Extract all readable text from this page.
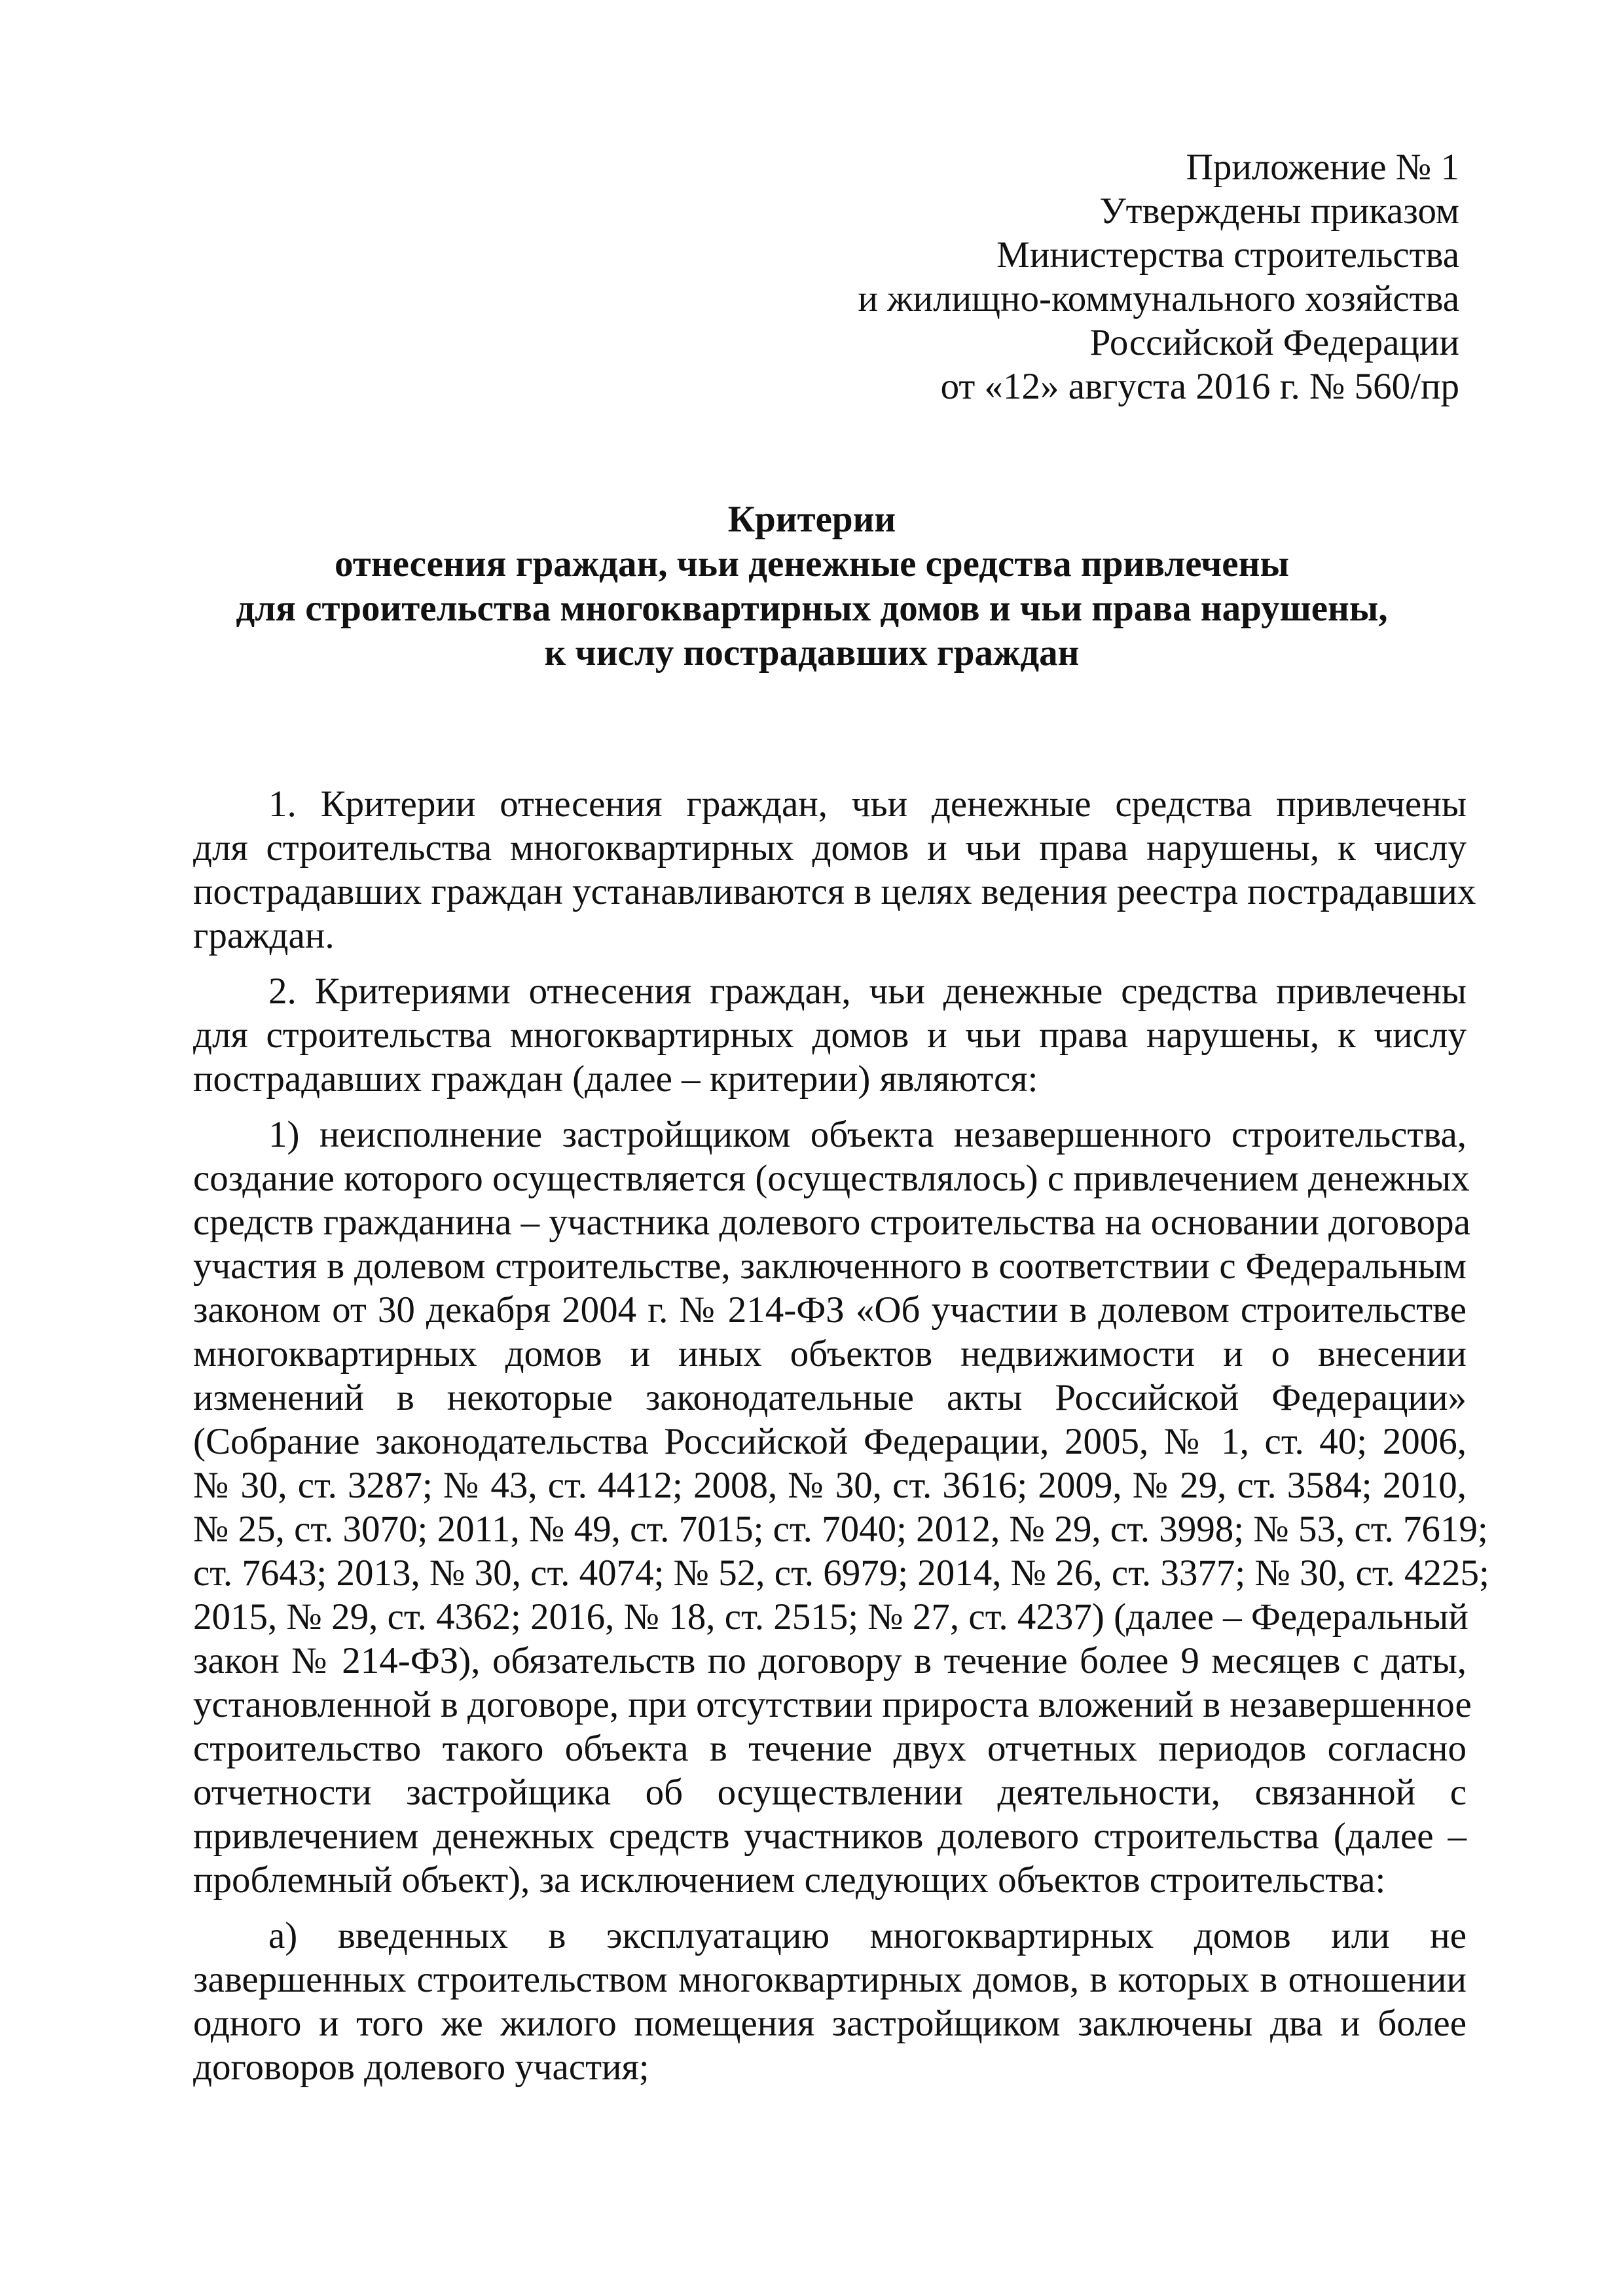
Приложение № 1
Утверждены приказом
Министерства строительства
и жилищно-коммунального хозяйства
Российской Федерации
от «12» августа 2016 г. № 560/пр
Критерии
отнесения граждан, чьи денежные средства привлечены
для строительства многоквартирных домов и чьи права нарушены,
к числу пострадавших граждан
1. Критерии отнесения граждан, чьи денежные средства привлечены
для строительства многоквартирных домов и чьи права нарушены, к числу
пострадавших граждан устанавливаются в целях ведения реестра пострадавших
граждан.
2. Критериями отнесения граждан, чьи денежные средства привлечены
для строительства многоквартирных домов и чьи права нарушены, к числу
пострадавших граждан (далее – критерии) являются:
1) неисполнение застройщиком объекта незавершенного строительства,
создание которого осуществляется (осуществлялось) с привлечением денежных
средств гражданина – участника долевого строительства на основании договора
участия в долевом строительстве, заключенного в соответствии с Федеральным
законом от 30 декабря 2004 г. № 214-ФЗ «Об участии в долевом строительстве
многоквартирных домов и иных объектов недвижимости и о внесении
изменений в некоторые законодательные акты Российской Федерации»
(Собрание законодательства Российской Федерации, 2005, № 1, ст. 40; 2006,
№ 30, ст. 3287; № 43, ст. 4412; 2008, № 30, ст. 3616; 2009, № 29, ст. 3584; 2010,
№ 25, ст. 3070; 2011, № 49, ст. 7015; ст. 7040; 2012, № 29, ст. 3998; № 53, ст. 7619;
ст. 7643; 2013, № 30, ст. 4074; № 52, ст. 6979; 2014, № 26, ст. 3377; № 30, ст. 4225;
2015, № 29, ст. 4362; 2016, № 18, ст. 2515; № 27, ст. 4237) (далее – Федеральный
закон № 214-ФЗ), обязательств по договору в течение более 9 месяцев с даты,
установленной в договоре, при отсутствии прироста вложений в незавершенное
строительство такого объекта в течение двух отчетных периодов согласно
отчетности застройщика об осуществлении деятельности, связанной с
привлечением денежных средств участников долевого строительства (далее –
проблемный объект), за исключением следующих объектов строительства:
а) введенных в эксплуатацию многоквартирных домов или не
завершенных строительством многоквартирных домов, в которых в отношении
одного и того же жилого помещения застройщиком заключены два и более
договоров долевого участия;
